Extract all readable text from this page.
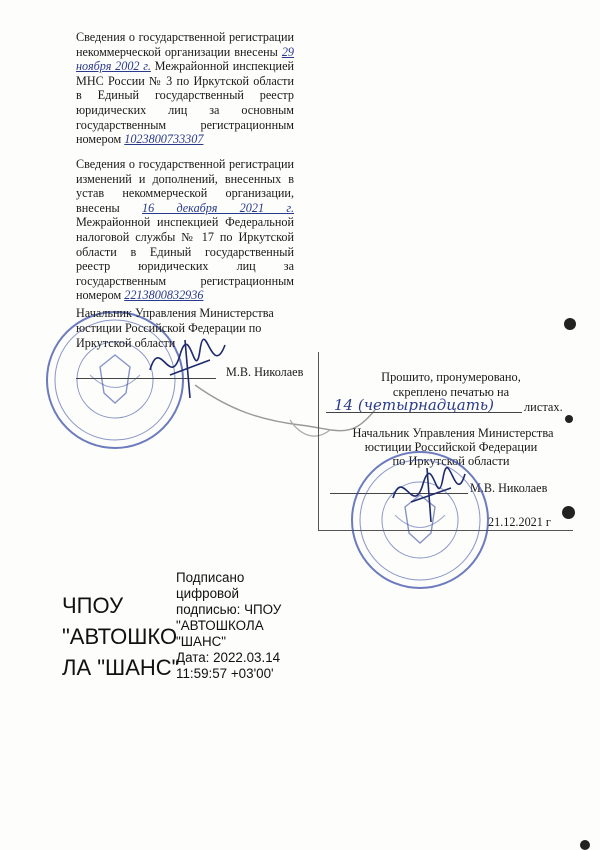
Сведения о государственной регистрации некоммерческой организации внесены 29 ноября 2002 г. Межрайонной инспекцией МНС России № 3 по Иркутской области в Единый государственный реестр юридических лиц за основным государственным регистрационным номером 1023800733307
Сведения о государственной регистрации изменений и дополнений, внесенных в устав некоммерческой организации, внесены 16 декабря 2021 г. Межрайонной инспекцией Федеральной налоговой службы № 17 по Иркутской области в Единый государственный реестр юридических лиц за государственным регистрационным номером 2213800832936
Начальник Управления Министерства
юстиции Российской Федерации по
Иркутской области
М.В. Николаев	Прошито, пронумеровано,
скреплено печатью на
14 (четырнадцать) листах.
Начальник Управления Министерства
юстиции Российской Федерации
по Иркутской области
М.В. Николаев
21.12.2021 г
ЧПОУ
"АВТОШКО
ЛА "ШАНС"
Подписано
цифровой
подписью: ЧПОУ
"АВТОШКОЛА
"ШАНС"
Дата: 2022.03.14
11:59:57 +03'00'
